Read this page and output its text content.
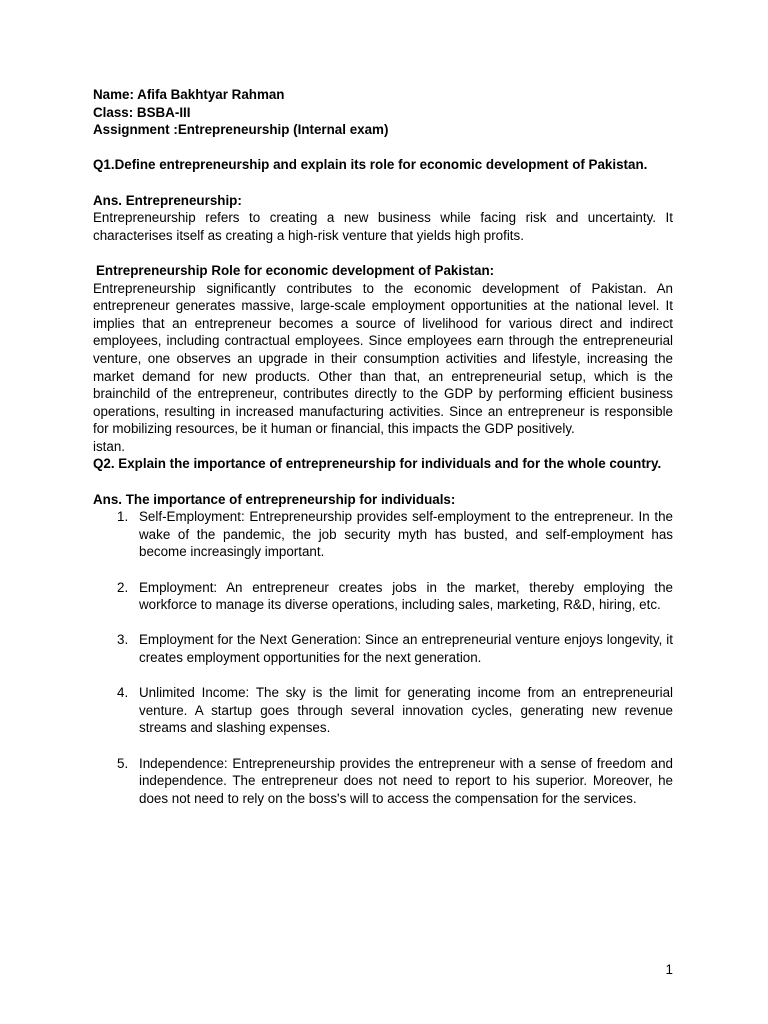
Name: Afifa Bakhtyar Rahman
Class: BSBA-III
Assignment :Entrepreneurship (Internal exam)
Q1.Define entrepreneurship and explain its role for economic development of Pakistan.
Ans. Entrepreneurship:
Entrepreneurship refers to creating a new business while facing risk and uncertainty. It characterises itself as creating a high-risk venture that yields high profits.
Entrepreneurship Role for economic development of Pakistan:
Entrepreneurship significantly contributes to the economic development of Pakistan. An entrepreneur generates massive, large-scale employment opportunities at the national level. It implies that an entrepreneur becomes a source of livelihood for various direct and indirect employees, including contractual employees. Since employees earn through the entrepreneurial venture, one observes an upgrade in their consumption activities and lifestyle, increasing the market demand for new products. Other than that, an entrepreneurial setup, which is the brainchild of the entrepreneur, contributes directly to the GDP by performing efficient business operations, resulting in increased manufacturing activities. Since an entrepreneur is responsible for mobilizing resources, be it human or financial, this impacts the GDP positively.
istan.
Q2. Explain the importance of entrepreneurship for individuals and for the whole country.
Ans. The importance of entrepreneurship for individuals:
1. Self-Employment: Entrepreneurship provides self-employment to the entrepreneur. In the wake of the pandemic, the job security myth has busted, and self-employment has become increasingly important.
2. Employment: An entrepreneur creates jobs in the market, thereby employing the workforce to manage its diverse operations, including sales, marketing, R&D, hiring, etc.
3. Employment for the Next Generation: Since an entrepreneurial venture enjoys longevity, it creates employment opportunities for the next generation.
4. Unlimited Income: The sky is the limit for generating income from an entrepreneurial venture. A startup goes through several innovation cycles, generating new revenue streams and slashing expenses.
5. Independence: Entrepreneurship provides the entrepreneur with a sense of freedom and independence. The entrepreneur does not need to report to his superior. Moreover, he does not need to rely on the boss's will to access the compensation for the services.
1
